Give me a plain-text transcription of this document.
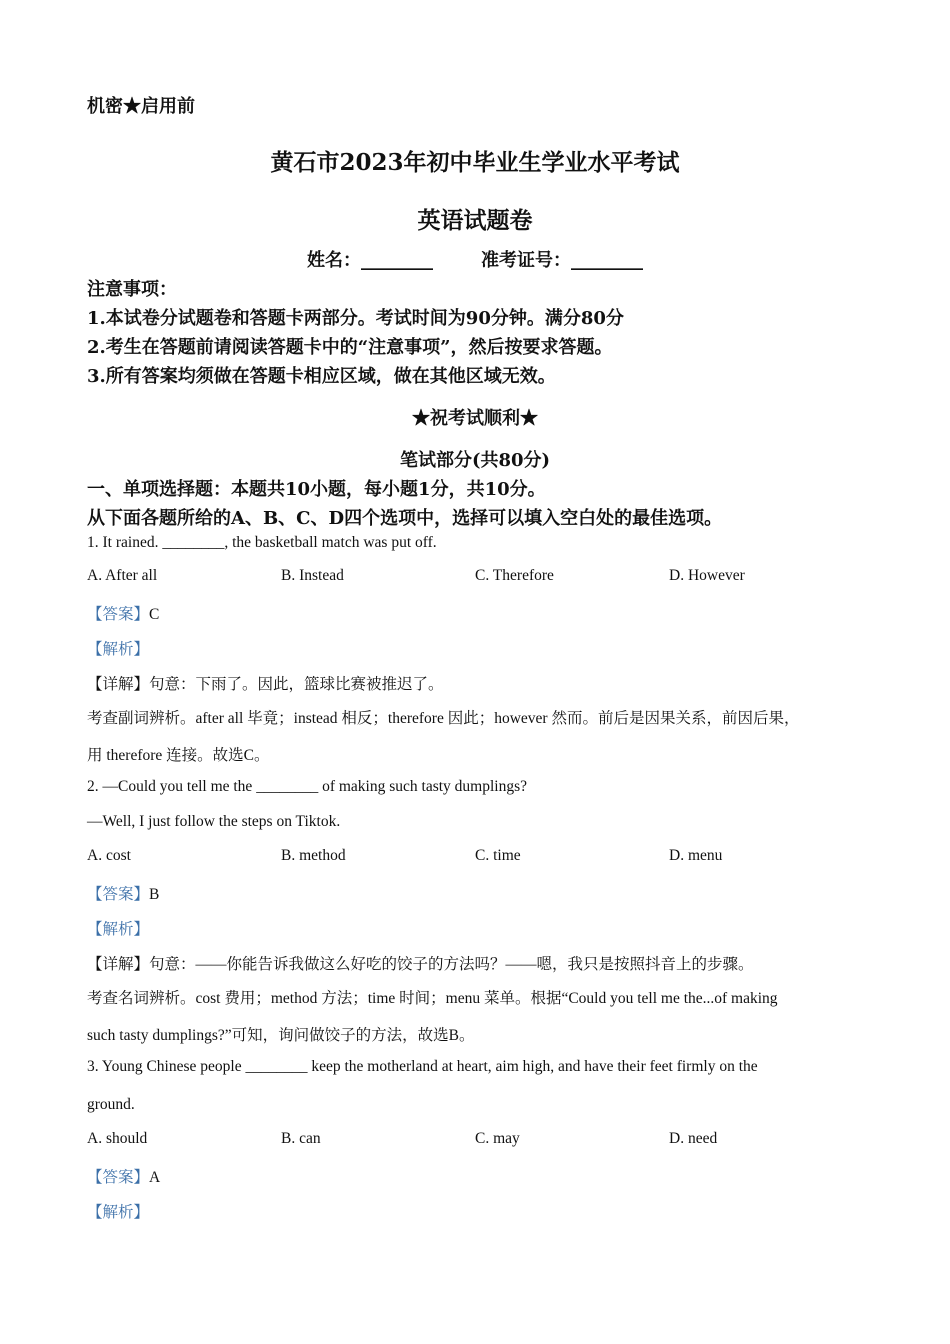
机密★启用前
黄石市2023年初中毕业生学业水平考试
英语试题卷
姓名：________	准考证号：________
注意事项：
1.本试卷分试题卷和答题卡两部分。考试时间为90分钟。满分80分
2.考生在答题前请阅读答题卡中的“注意事项”，然后按要求答题。
3.所有答案均须做在答题卡相应区域，做在其他区域无效。
★祝考试顺利★
笔试部分(共80分)
一、单项选择题：本题共10小题，每小题1分，共10分。
从下面各题所给的A、B、C、D四个选项中，选择可以填入空白处的最佳选项。
1. It rained. ________, the basketball match was put off.
A. After all	B. Instead	C. Therefore	D. However
【答案】C
【解析】
【详解】句意：下雨了。因此，篮球比赛被推迟了。
考查副词辨析。after all 毕竟；instead 相反；therefore 因此；however 然而。前后是因果关系，前因后果，
用 therefore 连接。故选C。
2. —Could you tell me the ________ of making such tasty dumplings?
—Well, I just follow the steps on Tiktok.
A. cost	B. method	C. time	D. menu
【答案】B
【解析】
【详解】句意：——你能告诉我做这么好吃的饺子的方法吗？——嗯，我只是按照抖音上的步骤。
考查名词辨析。cost 费用；method 方法；time 时间；menu 菜单。根据“Could you tell me the...of making
such tasty dumplings?”可知，询问做饺子的方法，故选B。
3. Young Chinese people ________ keep the motherland at heart, aim high, and have their feet firmly on the
ground.
A. should	B. can	C. may	D. need
【答案】A
【解析】
